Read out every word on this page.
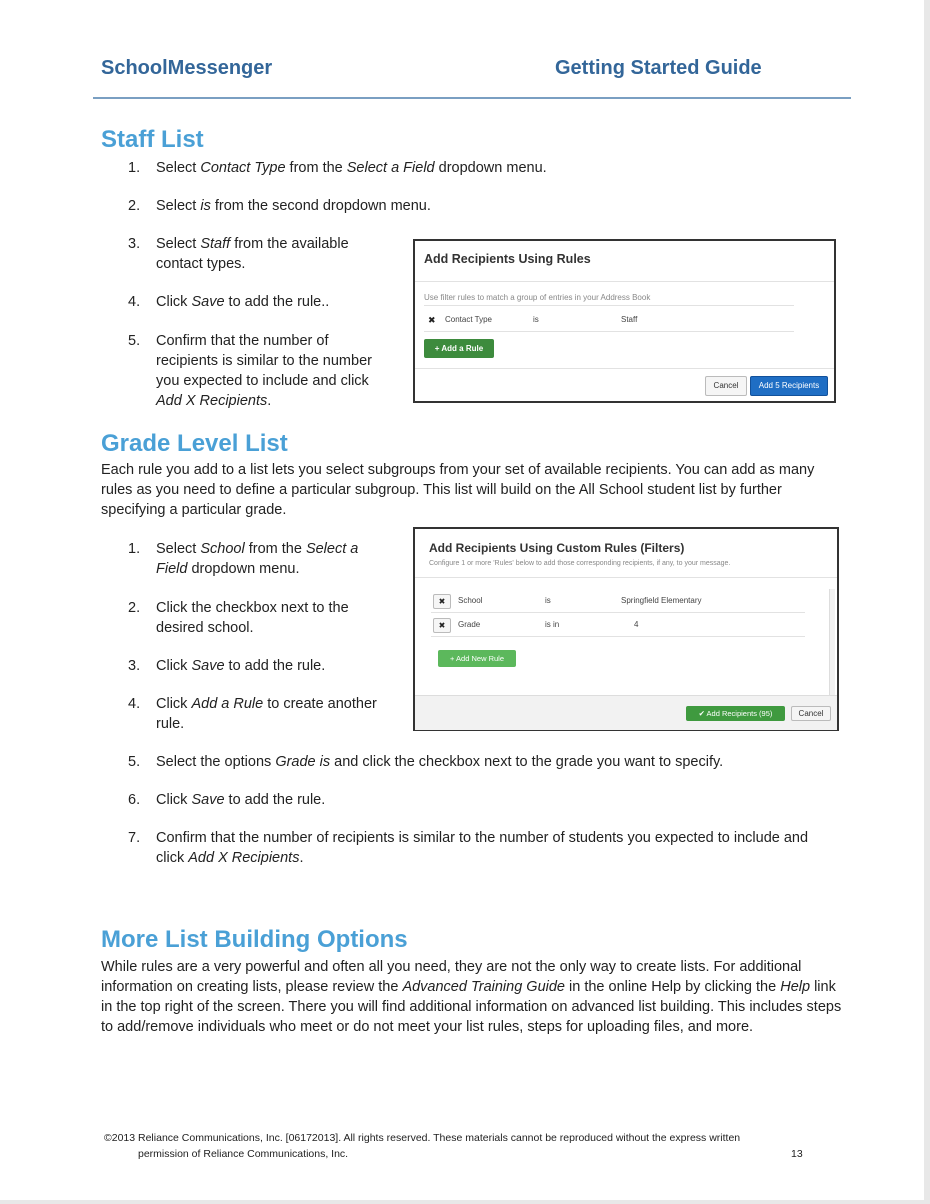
SchoolMessenger	Getting Started Guide
Staff List
1. Select Contact Type from the Select a Field dropdown menu.
2. Select is from the second dropdown menu.
3. Select Staff from the available
contact types.
4. Click Save to add the rule..
5. Confirm that the number of
recipients is similar to the number
you expected to include and click
Add X Recipients.
Add Recipients Using Rules
Use filter rules to match a group of entries in your Address Book
✖ Contact Type	is	Staff
+ Add a Rule
Cancel	Add 5 Recipients
Grade Level List
Each rule you add to a list lets you select subgroups from your set of available recipients. You can add as many rules as you need to define a particular subgroup. This list will build on the All School student list by further specifying a particular grade.
1. Select School from the Select a
Field dropdown menu.
2. Click the checkbox next to the
desired school.
3. Click Save to add the rule.
4. Click Add a Rule to create another
rule.
5. Select the options Grade is and click the checkbox next to the grade you want to specify.
6. Click Save to add the rule.
7. Confirm that the number of recipients is similar to the number of students you expected to include and
click Add X Recipients.
Add Recipients Using Custom Rules (Filters)
Configure 1 or more 'Rules' below to add those corresponding recipients, if any, to your message.
✖	School	is	Springfield Elementary
✖	Grade	is in	4
+ Add New Rule
✔ Add Recipients (95)	Cancel
More List Building Options
While rules are a very powerful and often all you need, they are not the only way to create lists. For additional information on creating lists, please review the Advanced Training Guide in the online Help by clicking the Help link in the top right of the screen. There you will find additional information on advanced list building. This includes steps to add/remove individuals who meet or do not meet your list rules, steps for uploading files, and more.
©2013 Reliance Communications, Inc. [06172013]. All rights reserved. These materials cannot be reproduced without the express written
permission of Reliance Communications, Inc.	13
